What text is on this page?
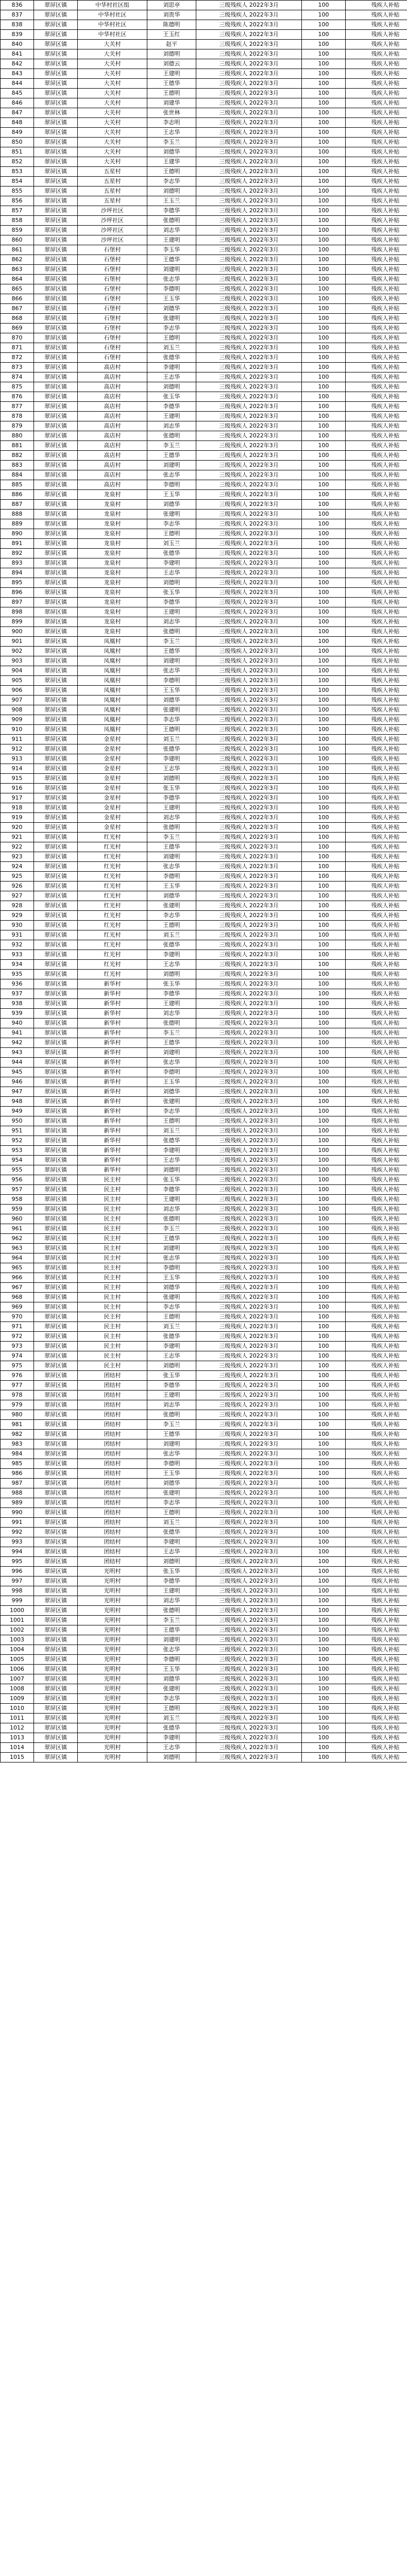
836	翠屏区镇	中华村社区组	刘思亭	三级残疾人 2022年3月	100	残疾人补贴
837	翠屏区镇	中华村社区	刘贵华	三级残疾人 2022年3月	100	残疾人补贴
838	翠屏区镇	中华村社区	陈德明	三级残疾人 2022年3月	100	残疾人补贴
839	翠屏区镇	中华村社区	王玉红	三级残疾人 2022年3月	100	残疾人补贴
840	翠屏区镇	大关村	赵平	三级残疾人 2022年3月	100	残疾人补贴
841	翠屏区镇	大关村	刘德明	三级残疾人 2022年3月	100	残疾人补贴
842	翠屏区镇	大关村	刘德云	三级残疾人 2022年3月	100	残疾人补贴
843	翠屏区镇	大关村	王建明	三级残疾人 2022年3月	100	残疾人补贴
844	翠屏区镇	大关村	王德华	三级残疾人 2022年3月	100	残疾人补贴
845	翠屏区镇	大关村	王德明	三级残疾人 2022年3月	100	残疾人补贴
846	翠屏区镇	大关村	刘建华	三级残疾人 2022年3月	100	残疾人补贴
847	翠屏区镇	大关村	张世林	三级残疾人 2022年3月	100	残疾人补贴
848	翠屏区镇	大关村	李志明	三级残疾人 2022年3月	100	残疾人补贴
849	翠屏区镇	大关村	王志华	三级残疾人 2022年3月	100	残疾人补贴
850	翠屏区镇	大关村	李玉兰	三级残疾人 2022年3月	100	残疾人补贴
851	翠屏区镇	大关村	刘德华	三级残疾人 2022年3月	100	残疾人补贴
852	翠屏区镇	大关村	王建华	三级残疾人 2022年3月	100	残疾人补贴
853	翠屏区镇	五星村	王德明	三级残疾人 2022年3月	100	残疾人补贴
854	翠屏区镇	五星村	李志华	三级残疾人 2022年3月	100	残疾人补贴
855	翠屏区镇	五星村	刘德明	三级残疾人 2022年3月	100	残疾人补贴
856	翠屏区镇	五星村	王玉兰	三级残疾人 2022年3月	100	残疾人补贴
857	翠屏区镇	沙坪社区	李德华	三级残疾人 2022年3月	100	残疾人补贴
858	翠屏区镇	沙坪社区	张德明	三级残疾人 2022年3月	100	残疾人补贴
859	翠屏区镇	沙坪社区	刘志华	三级残疾人 2022年3月	100	残疾人补贴
860	翠屏区镇	沙坪社区	王建明	三级残疾人 2022年3月	100	残疾人补贴
861	翠屏区镇	石堡村	李玉华	三级残疾人 2022年3月	100	残疾人补贴
862	翠屏区镇	石堡村	王德华	三级残疾人 2022年3月	100	残疾人补贴
863	翠屏区镇	石堡村	刘建明	三级残疾人 2022年3月	100	残疾人补贴
864	翠屏区镇	石堡村	张志华	三级残疾人 2022年3月	100	残疾人补贴
865	翠屏区镇	石堡村	李德明	三级残疾人 2022年3月	100	残疾人补贴
866	翠屏区镇	石堡村	王玉华	三级残疾人 2022年3月	100	残疾人补贴
867	翠屏区镇	石堡村	刘德华	三级残疾人 2022年3月	100	残疾人补贴
868	翠屏区镇	石堡村	张建明	三级残疾人 2022年3月	100	残疾人补贴
869	翠屏区镇	石堡村	李志华	三级残疾人 2022年3月	100	残疾人补贴
870	翠屏区镇	石堡村	王德明	三级残疾人 2022年3月	100	残疾人补贴
871	翠屏区镇	石堡村	刘玉兰	三级残疾人 2022年3月	100	残疾人补贴
872	翠屏区镇	石堡村	张德华	三级残疾人 2022年3月	100	残疾人补贴
873	翠屏区镇	高店村	李建明	三级残疾人 2022年3月	100	残疾人补贴
874	翠屏区镇	高店村	王志华	三级残疾人 2022年3月	100	残疾人补贴
875	翠屏区镇	高店村	刘德明	三级残疾人 2022年3月	100	残疾人补贴
876	翠屏区镇	高店村	张玉华	三级残疾人 2022年3月	100	残疾人补贴
877	翠屏区镇	高店村	李德华	三级残疾人 2022年3月	100	残疾人补贴
878	翠屏区镇	高店村	王建明	三级残疾人 2022年3月	100	残疾人补贴
879	翠屏区镇	高店村	刘志华	三级残疾人 2022年3月	100	残疾人补贴
880	翠屏区镇	高店村	张德明	三级残疾人 2022年3月	100	残疾人补贴
881	翠屏区镇	高店村	李玉兰	三级残疾人 2022年3月	100	残疾人补贴
882	翠屏区镇	高店村	王德华	三级残疾人 2022年3月	100	残疾人补贴
883	翠屏区镇	高店村	刘建明	三级残疾人 2022年3月	100	残疾人补贴
884	翠屏区镇	高店村	张志华	三级残疾人 2022年3月	100	残疾人补贴
885	翠屏区镇	高店村	李德明	三级残疾人 2022年3月	100	残疾人补贴
886	翠屏区镇	龙泉村	王玉华	三级残疾人 2022年3月	100	残疾人补贴
887	翠屏区镇	龙泉村	刘德华	三级残疾人 2022年3月	100	残疾人补贴
888	翠屏区镇	龙泉村	张建明	三级残疾人 2022年3月	100	残疾人补贴
889	翠屏区镇	龙泉村	李志华	三级残疾人 2022年3月	100	残疾人补贴
890	翠屏区镇	龙泉村	王德明	三级残疾人 2022年3月	100	残疾人补贴
891	翠屏区镇	龙泉村	刘玉兰	三级残疾人 2022年3月	100	残疾人补贴
892	翠屏区镇	龙泉村	张德华	三级残疾人 2022年3月	100	残疾人补贴
893	翠屏区镇	龙泉村	李建明	三级残疾人 2022年3月	100	残疾人补贴
894	翠屏区镇	龙泉村	王志华	三级残疾人 2022年3月	100	残疾人补贴
895	翠屏区镇	龙泉村	刘德明	三级残疾人 2022年3月	100	残疾人补贴
896	翠屏区镇	龙泉村	张玉华	三级残疾人 2022年3月	100	残疾人补贴
897	翠屏区镇	龙泉村	李德华	三级残疾人 2022年3月	100	残疾人补贴
898	翠屏区镇	龙泉村	王建明	三级残疾人 2022年3月	100	残疾人补贴
899	翠屏区镇	龙泉村	刘志华	三级残疾人 2022年3月	100	残疾人补贴
900	翠屏区镇	龙泉村	张德明	三级残疾人 2022年3月	100	残疾人补贴
901	翠屏区镇	凤凰村	李玉兰	三级残疾人 2022年3月	100	残疾人补贴
902	翠屏区镇	凤凰村	王德华	三级残疾人 2022年3月	100	残疾人补贴
903	翠屏区镇	凤凰村	刘建明	三级残疾人 2022年3月	100	残疾人补贴
904	翠屏区镇	凤凰村	张志华	三级残疾人 2022年3月	100	残疾人补贴
905	翠屏区镇	凤凰村	李德明	三级残疾人 2022年3月	100	残疾人补贴
906	翠屏区镇	凤凰村	王玉华	三级残疾人 2022年3月	100	残疾人补贴
907	翠屏区镇	凤凰村	刘德华	三级残疾人 2022年3月	100	残疾人补贴
908	翠屏区镇	凤凰村	张建明	三级残疾人 2022年3月	100	残疾人补贴
909	翠屏区镇	凤凰村	李志华	三级残疾人 2022年3月	100	残疾人补贴
910	翠屏区镇	凤凰村	王德明	三级残疾人 2022年3月	100	残疾人补贴
911	翠屏区镇	金星村	刘玉兰	三级残疾人 2022年3月	100	残疾人补贴
912	翠屏区镇	金星村	张德华	三级残疾人 2022年3月	100	残疾人补贴
913	翠屏区镇	金星村	李建明	三级残疾人 2022年3月	100	残疾人补贴
914	翠屏区镇	金星村	王志华	三级残疾人 2022年3月	100	残疾人补贴
915	翠屏区镇	金星村	刘德明	三级残疾人 2022年3月	100	残疾人补贴
916	翠屏区镇	金星村	张玉华	三级残疾人 2022年3月	100	残疾人补贴
917	翠屏区镇	金星村	李德华	三级残疾人 2022年3月	100	残疾人补贴
918	翠屏区镇	金星村	王建明	三级残疾人 2022年3月	100	残疾人补贴
919	翠屏区镇	金星村	刘志华	三级残疾人 2022年3月	100	残疾人补贴
920	翠屏区镇	金星村	张德明	三级残疾人 2022年3月	100	残疾人补贴
921	翠屏区镇	红光村	李玉兰	三级残疾人 2022年3月	100	残疾人补贴
922	翠屏区镇	红光村	王德华	三级残疾人 2022年3月	100	残疾人补贴
923	翠屏区镇	红光村	刘建明	三级残疾人 2022年3月	100	残疾人补贴
924	翠屏区镇	红光村	张志华	三级残疾人 2022年3月	100	残疾人补贴
925	翠屏区镇	红光村	李德明	三级残疾人 2022年3月	100	残疾人补贴
926	翠屏区镇	红光村	王玉华	三级残疾人 2022年3月	100	残疾人补贴
927	翠屏区镇	红光村	刘德华	三级残疾人 2022年3月	100	残疾人补贴
928	翠屏区镇	红光村	张建明	三级残疾人 2022年3月	100	残疾人补贴
929	翠屏区镇	红光村	李志华	三级残疾人 2022年3月	100	残疾人补贴
930	翠屏区镇	红光村	王德明	三级残疾人 2022年3月	100	残疾人补贴
931	翠屏区镇	红光村	刘玉兰	三级残疾人 2022年3月	100	残疾人补贴
932	翠屏区镇	红光村	张德华	三级残疾人 2022年3月	100	残疾人补贴
933	翠屏区镇	红光村	李建明	三级残疾人 2022年3月	100	残疾人补贴
934	翠屏区镇	红光村	王志华	三级残疾人 2022年3月	100	残疾人补贴
935	翠屏区镇	红光村	刘德明	三级残疾人 2022年3月	100	残疾人补贴
936	翠屏区镇	新华村	张玉华	三级残疾人 2022年3月	100	残疾人补贴
937	翠屏区镇	新华村	李德华	三级残疾人 2022年3月	100	残疾人补贴
938	翠屏区镇	新华村	王建明	三级残疾人 2022年3月	100	残疾人补贴
939	翠屏区镇	新华村	刘志华	三级残疾人 2022年3月	100	残疾人补贴
940	翠屏区镇	新华村	张德明	三级残疾人 2022年3月	100	残疾人补贴
941	翠屏区镇	新华村	李玉兰	三级残疾人 2022年3月	100	残疾人补贴
942	翠屏区镇	新华村	王德华	三级残疾人 2022年3月	100	残疾人补贴
943	翠屏区镇	新华村	刘建明	三级残疾人 2022年3月	100	残疾人补贴
944	翠屏区镇	新华村	张志华	三级残疾人 2022年3月	100	残疾人补贴
945	翠屏区镇	新华村	李德明	三级残疾人 2022年3月	100	残疾人补贴
946	翠屏区镇	新华村	王玉华	三级残疾人 2022年3月	100	残疾人补贴
947	翠屏区镇	新华村	刘德华	三级残疾人 2022年3月	100	残疾人补贴
948	翠屏区镇	新华村	张建明	三级残疾人 2022年3月	100	残疾人补贴
949	翠屏区镇	新华村	李志华	三级残疾人 2022年3月	100	残疾人补贴
950	翠屏区镇	新华村	王德明	三级残疾人 2022年3月	100	残疾人补贴
951	翠屏区镇	新华村	刘玉兰	三级残疾人 2022年3月	100	残疾人补贴
952	翠屏区镇	新华村	张德华	三级残疾人 2022年3月	100	残疾人补贴
953	翠屏区镇	新华村	李建明	三级残疾人 2022年3月	100	残疾人补贴
954	翠屏区镇	新华村	王志华	三级残疾人 2022年3月	100	残疾人补贴
955	翠屏区镇	新华村	刘德明	三级残疾人 2022年3月	100	残疾人补贴
956	翠屏区镇	民主村	张玉华	三级残疾人 2022年3月	100	残疾人补贴
957	翠屏区镇	民主村	李德华	三级残疾人 2022年3月	100	残疾人补贴
958	翠屏区镇	民主村	王建明	三级残疾人 2022年3月	100	残疾人补贴
959	翠屏区镇	民主村	刘志华	三级残疾人 2022年3月	100	残疾人补贴
960	翠屏区镇	民主村	张德明	三级残疾人 2022年3月	100	残疾人补贴
961	翠屏区镇	民主村	李玉兰	三级残疾人 2022年3月	100	残疾人补贴
962	翠屏区镇	民主村	王德华	三级残疾人 2022年3月	100	残疾人补贴
963	翠屏区镇	民主村	刘建明	三级残疾人 2022年3月	100	残疾人补贴
964	翠屏区镇	民主村	张志华	三级残疾人 2022年3月	100	残疾人补贴
965	翠屏区镇	民主村	李德明	三级残疾人 2022年3月	100	残疾人补贴
966	翠屏区镇	民主村	王玉华	三级残疾人 2022年3月	100	残疾人补贴
967	翠屏区镇	民主村	刘德华	三级残疾人 2022年3月	100	残疾人补贴
968	翠屏区镇	民主村	张建明	三级残疾人 2022年3月	100	残疾人补贴
969	翠屏区镇	民主村	李志华	三级残疾人 2022年3月	100	残疾人补贴
970	翠屏区镇	民主村	王德明	三级残疾人 2022年3月	100	残疾人补贴
971	翠屏区镇	民主村	刘玉兰	三级残疾人 2022年3月	100	残疾人补贴
972	翠屏区镇	民主村	张德华	三级残疾人 2022年3月	100	残疾人补贴
973	翠屏区镇	民主村	李建明	三级残疾人 2022年3月	100	残疾人补贴
974	翠屏区镇	民主村	王志华	三级残疾人 2022年3月	100	残疾人补贴
975	翠屏区镇	民主村	刘德明	三级残疾人 2022年3月	100	残疾人补贴
976	翠屏区镇	团结村	张玉华	三级残疾人 2022年3月	100	残疾人补贴
977	翠屏区镇	团结村	李德华	三级残疾人 2022年3月	100	残疾人补贴
978	翠屏区镇	团结村	王建明	三级残疾人 2022年3月	100	残疾人补贴
979	翠屏区镇	团结村	刘志华	三级残疾人 2022年3月	100	残疾人补贴
980	翠屏区镇	团结村	张德明	三级残疾人 2022年3月	100	残疾人补贴
981	翠屏区镇	团结村	李玉兰	三级残疾人 2022年3月	100	残疾人补贴
982	翠屏区镇	团结村	王德华	三级残疾人 2022年3月	100	残疾人补贴
983	翠屏区镇	团结村	刘建明	三级残疾人 2022年3月	100	残疾人补贴
984	翠屏区镇	团结村	张志华	三级残疾人 2022年3月	100	残疾人补贴
985	翠屏区镇	团结村	李德明	三级残疾人 2022年3月	100	残疾人补贴
986	翠屏区镇	团结村	王玉华	三级残疾人 2022年3月	100	残疾人补贴
987	翠屏区镇	团结村	刘德华	三级残疾人 2022年3月	100	残疾人补贴
988	翠屏区镇	团结村	张建明	三级残疾人 2022年3月	100	残疾人补贴
989	翠屏区镇	团结村	李志华	三级残疾人 2022年3月	100	残疾人补贴
990	翠屏区镇	团结村	王德明	三级残疾人 2022年3月	100	残疾人补贴
991	翠屏区镇	团结村	刘玉兰	三级残疾人 2022年3月	100	残疾人补贴
992	翠屏区镇	团结村	张德华	三级残疾人 2022年3月	100	残疾人补贴
993	翠屏区镇	团结村	李建明	三级残疾人 2022年3月	100	残疾人补贴
994	翠屏区镇	团结村	王志华	三级残疾人 2022年3月	100	残疾人补贴
995	翠屏区镇	团结村	刘德明	三级残疾人 2022年3月	100	残疾人补贴
996	翠屏区镇	光明村	张玉华	三级残疾人 2022年3月	100	残疾人补贴
997	翠屏区镇	光明村	李德华	三级残疾人 2022年3月	100	残疾人补贴
998	翠屏区镇	光明村	王建明	三级残疾人 2022年3月	100	残疾人补贴
999	翠屏区镇	光明村	刘志华	三级残疾人 2022年3月	100	残疾人补贴
1000	翠屏区镇	光明村	张德明	三级残疾人 2022年3月	100	残疾人补贴
1001	翠屏区镇	光明村	李玉兰	三级残疾人 2022年3月	100	残疾人补贴
1002	翠屏区镇	光明村	王德华	三级残疾人 2022年3月	100	残疾人补贴
1003	翠屏区镇	光明村	刘建明	三级残疾人 2022年3月	100	残疾人补贴
1004	翠屏区镇	光明村	张志华	三级残疾人 2022年3月	100	残疾人补贴
1005	翠屏区镇	光明村	李德明	三级残疾人 2022年3月	100	残疾人补贴
1006	翠屏区镇	光明村	王玉华	三级残疾人 2022年3月	100	残疾人补贴
1007	翠屏区镇	光明村	刘德华	三级残疾人 2022年3月	100	残疾人补贴
1008	翠屏区镇	光明村	张建明	三级残疾人 2022年3月	100	残疾人补贴
1009	翠屏区镇	光明村	李志华	三级残疾人 2022年3月	100	残疾人补贴
1010	翠屏区镇	光明村	王德明	三级残疾人 2022年3月	100	残疾人补贴
1011	翠屏区镇	光明村	刘玉兰	三级残疾人 2022年3月	100	残疾人补贴
1012	翠屏区镇	光明村	张德华	三级残疾人 2022年3月	100	残疾人补贴
1013	翠屏区镇	光明村	李建明	三级残疾人 2022年3月	100	残疾人补贴
1014	翠屏区镇	光明村	王志华	三级残疾人 2022年3月	100	残疾人补贴
1015	翠屏区镇	光明村	刘德明	三级残疾人 2022年3月	100	残疾人补贴
